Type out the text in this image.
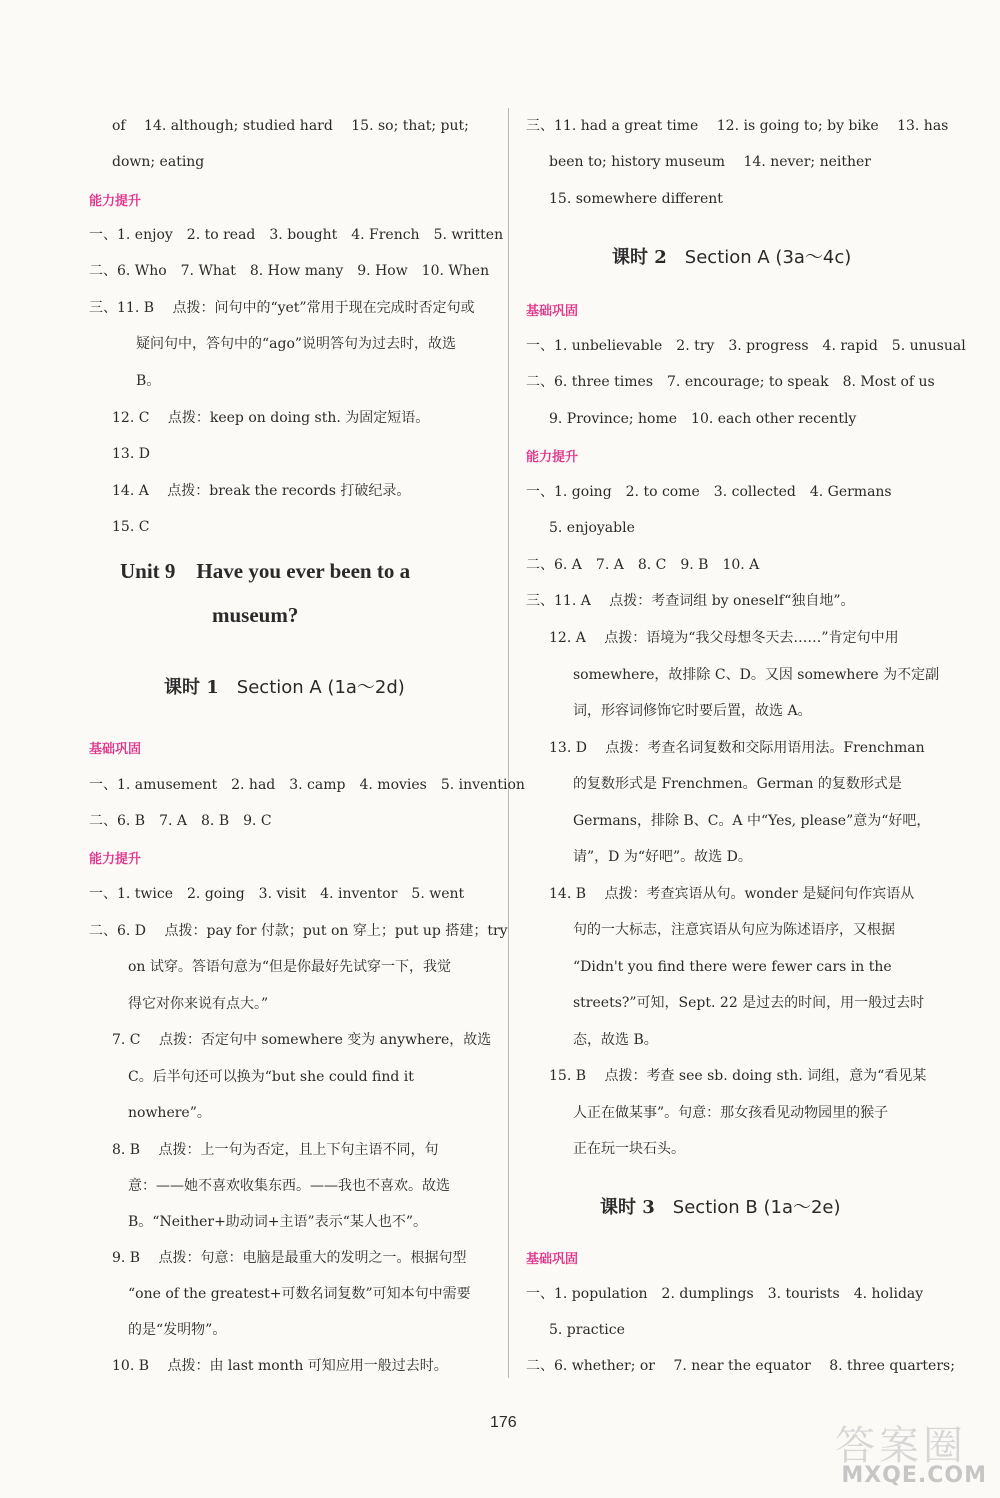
of　 14. although; studied hard　 15. so; that; put;
down; eating
能力提升
一、1. enjoy　2. to read　3. bought　4. French　5. written
二、6. Who　7. What　8. How many　9. How　10. When
三、11. B　 点拨：问句中的“yet”常用于现在完成时否定句或
疑问句中，答句中的“ago”说明答句为过去时，故选
B。
12. C　 点拨：keep on doing sth. 为固定短语。
13. D
14. A　 点拨：break the records 打破纪录。
15. C
Unit 9　Have you ever been to a
museum?
课时 1 Section A (1a～2d)
基础巩固
一、1. amusement　2. had　3. camp　4. movies　5. invention
二、6. B　7. A　8. B　9. C
能力提升
一、1. twice　2. going　3. visit　4. inventor　5. went
二、6. D　 点拨：pay for 付款；put on 穿上；put up 搭建；try
on 试穿。答语句意为“但是你最好先试穿一下，我觉
得它对你来说有点大。”
7. C　 点拨：否定句中 somewhere 变为 anywhere，故选
C。后半句还可以换为“but she could find it
nowhere”。
8. B　 点拨：上一句为否定，且上下句主语不同，句
意：——她不喜欢收集东西。——我也不喜欢。故选
B。“Neither+助动词+主语”表示“某人也不”。
9. B　 点拨：句意：电脑是最重大的发明之一。根据句型
“one of the greatest+可数名词复数”可知本句中需要
的是“发明物”。
10. B　 点拨：由 last month 可知应用一般过去时。
三、11. had a great time　 12. is going to; by bike　 13. has
been to; history museum　 14. never; neither
15. somewhere different
课时 2 Section A (3a～4c)
基础巩固
一、1. unbelievable　2. try　3. progress　4. rapid　5. unusual
二、6. three times　7. encourage; to speak　8. Most of us
9. Province; home　10. each other recently
能力提升
一、1. going　2. to come　3. collected　4. Germans
5. enjoyable
二、6. A　7. A　8. C　9. B　10. A
三、11. A　 点拨：考查词组 by oneself“独自地”。
12. A　 点拨：语境为“我父母想冬天去……”肯定句中用
somewhere，故排除 C、D。又因 somewhere 为不定副
词，形容词修饰它时要后置，故选 A。
13. D　 点拨：考查名词复数和交际用语用法。Frenchman
的复数形式是 Frenchmen。German 的复数形式是
Germans，排除 B、C。A 中“Yes, please”意为“好吧，
请”，D 为“好吧”。故选 D。
14. B　 点拨：考查宾语从句。wonder 是疑问句作宾语从
句的一大标志，注意宾语从句应为陈述语序，又根据
“Didn't you find there were fewer cars in the
streets?”可知，Sept. 22 是过去的时间，用一般过去时
态，故选 B。
15. B　 点拨：考查 see sb. doing sth. 词组，意为“看见某
人正在做某事”。句意：那女孩看见动物园里的猴子
正在玩一块石头。
课时 3 Section B (1a～2e)
基础巩固
一、1. population　2. dumplings　3. tourists　4. holiday
5. practice
二、6. whether; or　 7. near the equator　 8. three quarters;
176
答案圈
MXQE.COM
